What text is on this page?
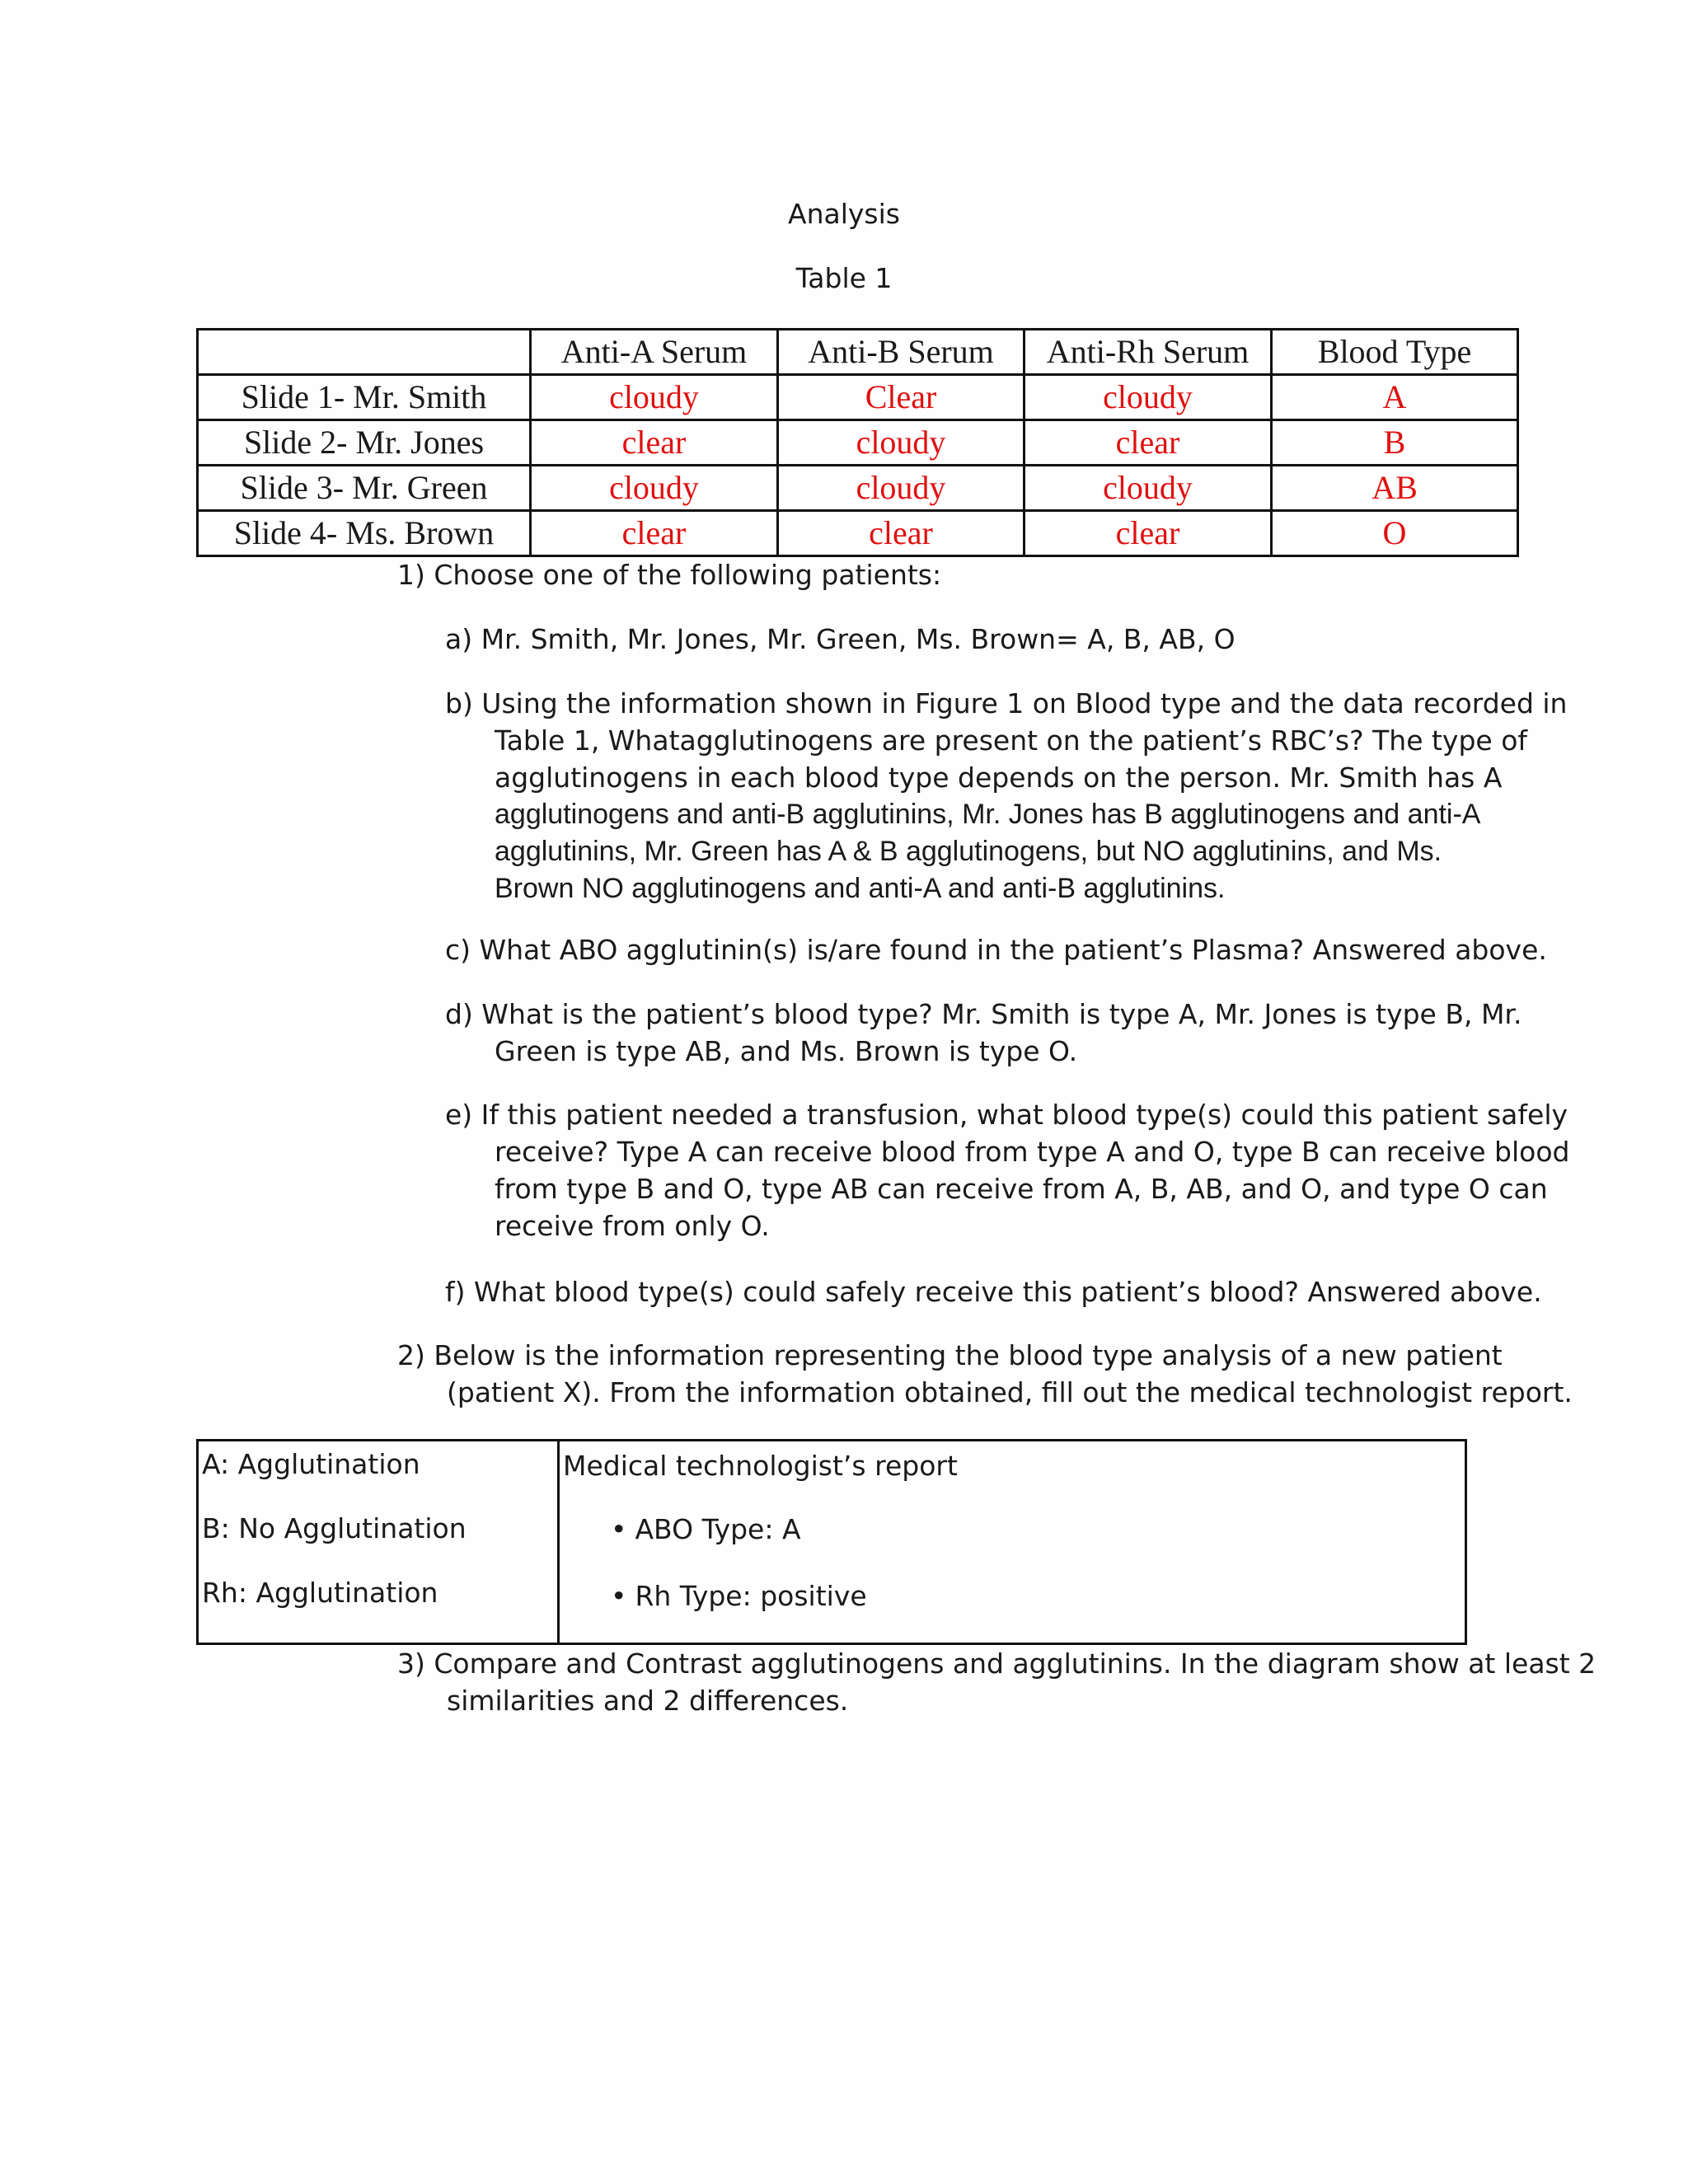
Analysis
Table 1
	Anti-A Serum	Anti-B Serum	Anti-Rh Serum	Blood Type
Slide 1- Mr. Smith	cloudy	Clear	cloudy	A
Slide 2- Mr. Jones	clear	cloudy	clear	B
Slide 3- Mr. Green	cloudy	cloudy	cloudy	AB
Slide 4- Ms. Brown	clear	clear	clear	O
1) Choose one of the following patients:
a) Mr. Smith, Mr. Jones, Mr. Green, Ms. Brown= A, B, AB, O
b) Using the information shown in Figure 1 on Blood type and the data recorded in
Table 1, Whatagglutinogens are present on the patient’s RBC’s? The type of
agglutinogens in each blood type depends on the person. Mr. Smith has A
agglutinogens and anti-B agglutinins, Mr. Jones has B agglutinogens and anti-A
agglutinins, Mr. Green has A & B agglutinogens, but NO agglutinins, and Ms.
Brown NO agglutinogens and anti-A and anti-B agglutinins.
c) What ABO agglutinin(s) is/are found in the patient’s Plasma? Answered above.
d) What is the patient’s blood type? Mr. Smith is type A, Mr. Jones is type B, Mr.
Green is type AB, and Ms. Brown is type O.
e) If this patient needed a transfusion, what blood type(s) could this patient safely
receive? Type A can receive blood from type A and O, type B can receive blood
from type B and O, type AB can receive from A, B, AB, and O, and type O can
receive from only O.
f) What blood type(s) could safely receive this patient’s blood? Answered above.
2) Below is the information representing the blood type analysis of a new patient
(patient X). From the information obtained, fill out the medical technologist report.
A: Agglutination
B: No Agglutination
Rh: Agglutination
Medical technologist’s report
• ABO Type: A
• Rh Type: positive
3) Compare and Contrast agglutinogens and agglutinins. In the diagram show at least 2
similarities and 2 differences.
